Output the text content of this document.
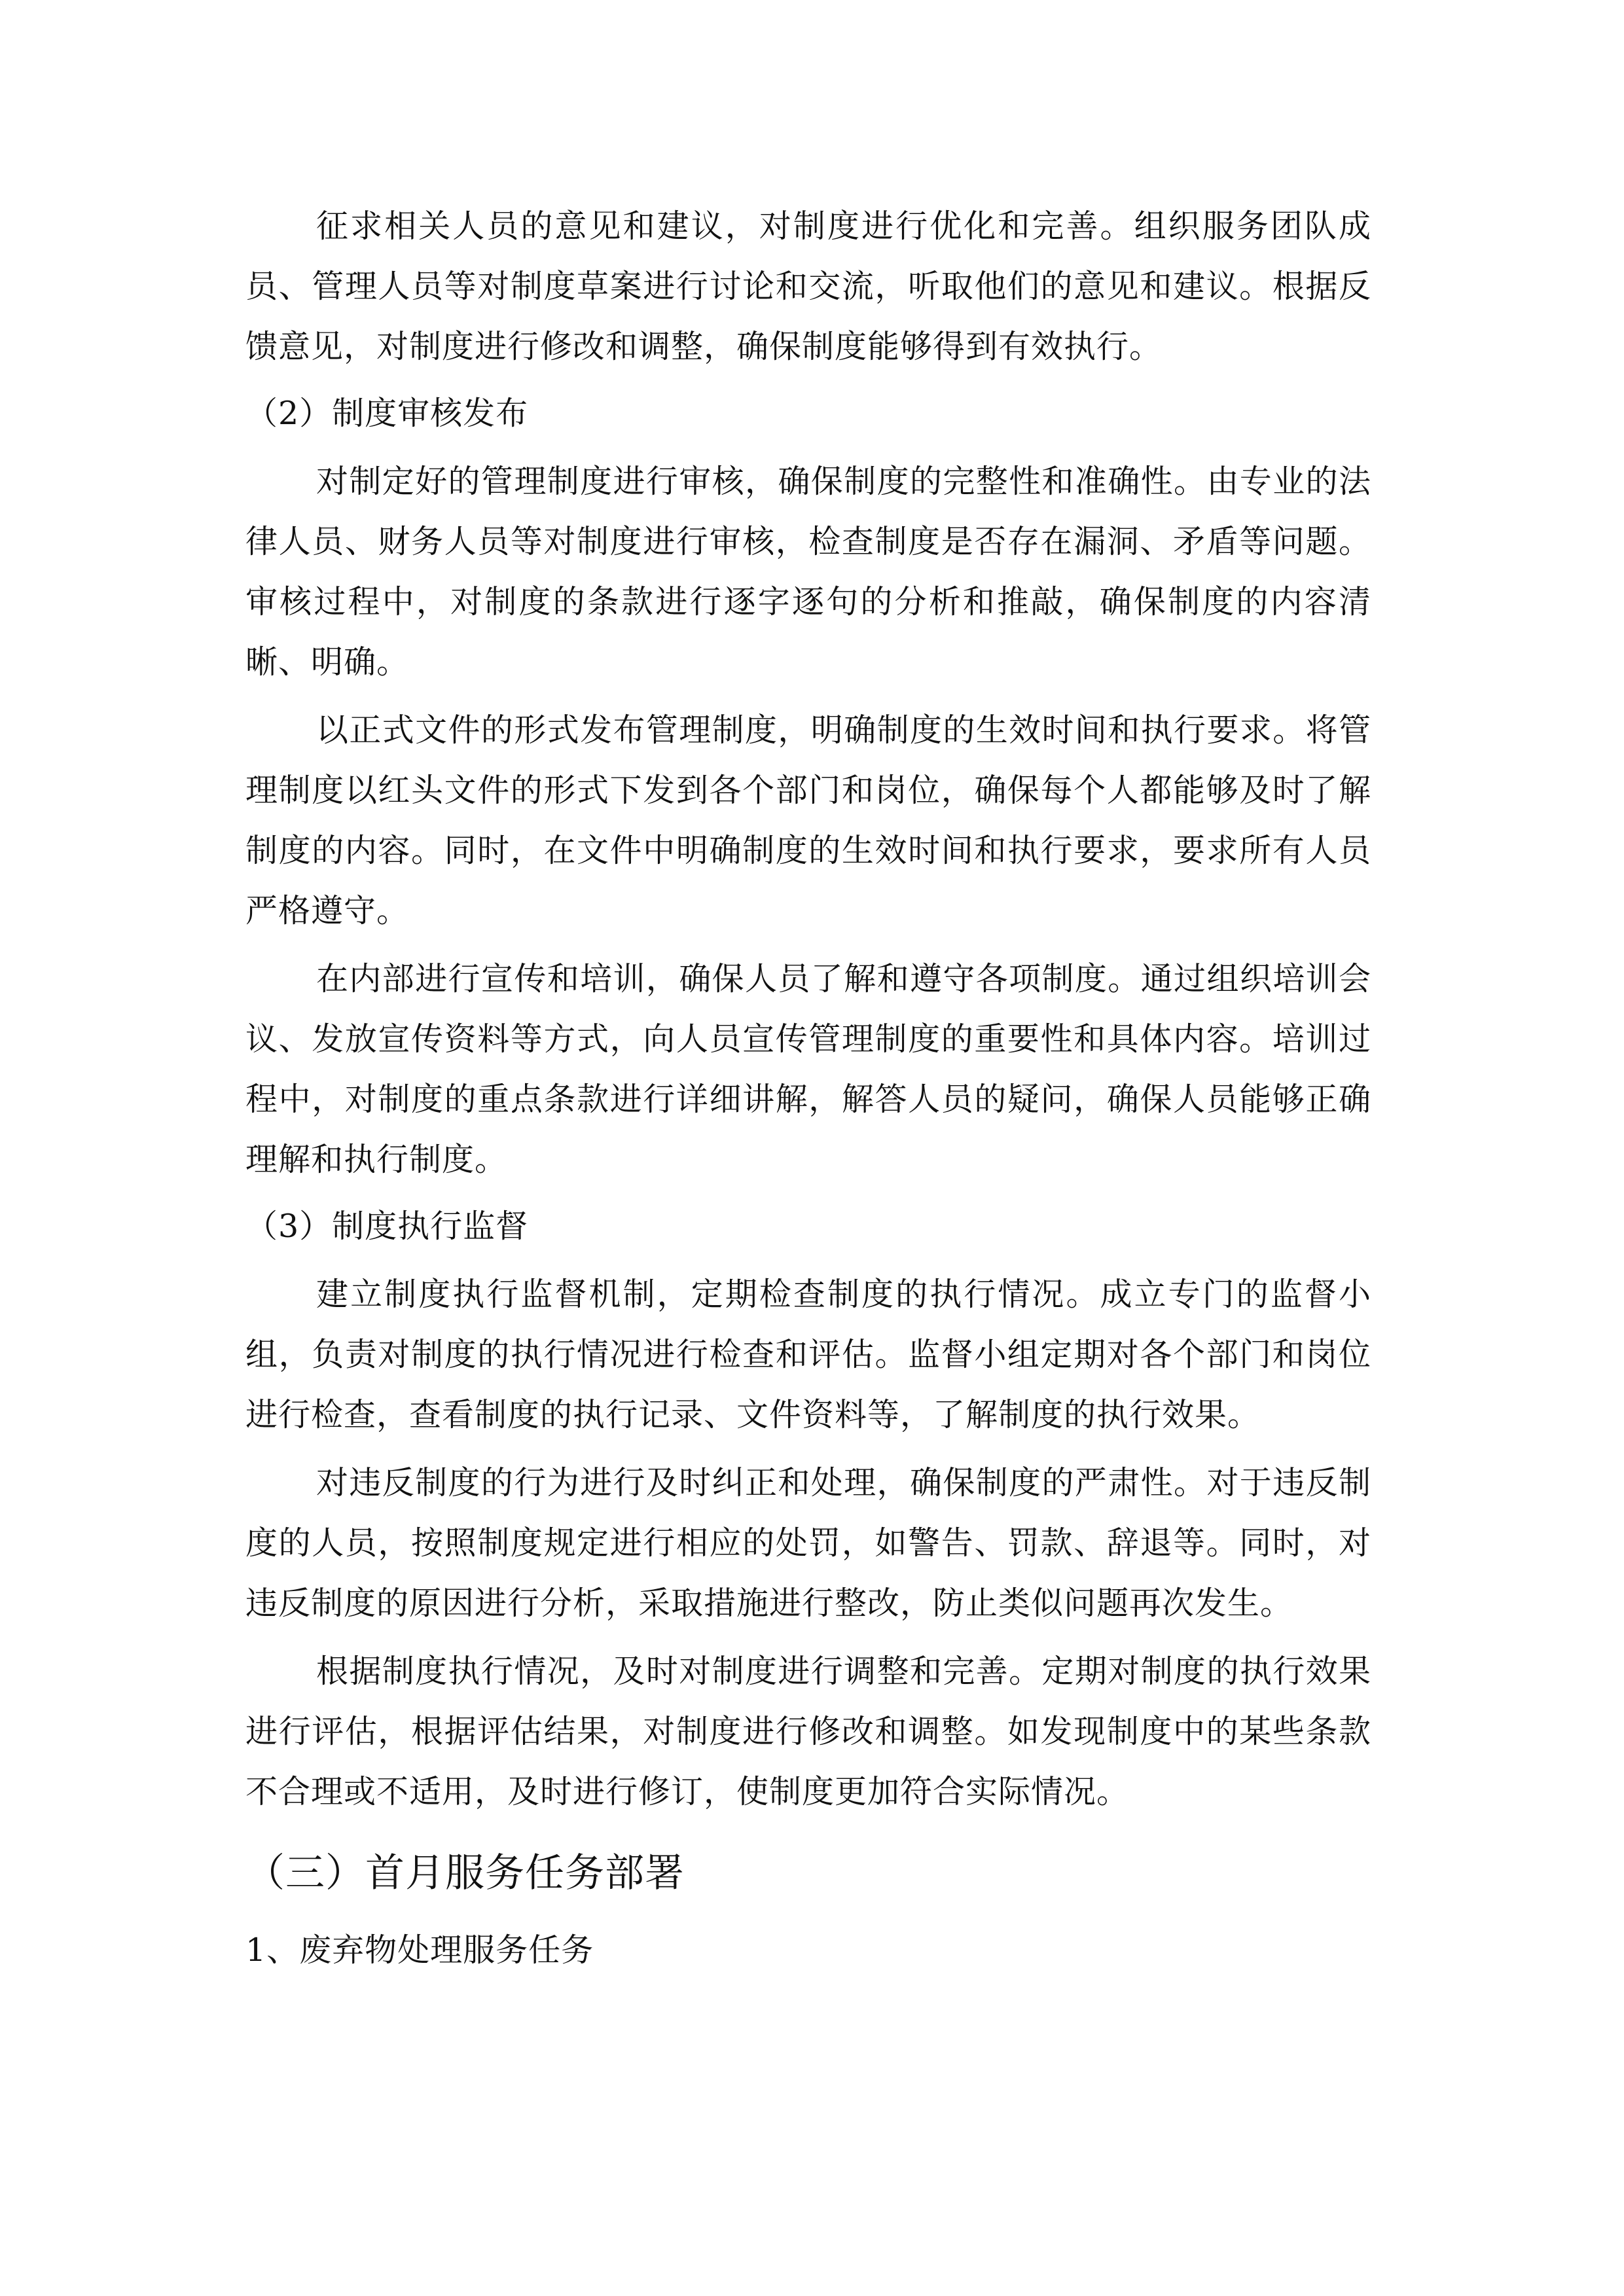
征求相关人员的意见和建议，对制度进行优化和完善。组织服务团队成员、管理人员等对制度草案进行讨论和交流，听取他们的意见和建议。根据反馈意见，对制度进行修改和调整，确保制度能够得到有效执行。

（2）制度审核发布

对制定好的管理制度进行审核，确保制度的完整性和准确性。由专业的法律人员、财务人员等对制度进行审核，检查制度是否存在漏洞、矛盾等问题。审核过程中，对制度的条款进行逐字逐句的分析和推敲，确保制度的内容清晰、明确。

以正式文件的形式发布管理制度，明确制度的生效时间和执行要求。将管理制度以红头文件的形式下发到各个部门和岗位，确保每个人都能够及时了解制度的内容。同时，在文件中明确制度的生效时间和执行要求，要求所有人员严格遵守。

在内部进行宣传和培训，确保人员了解和遵守各项制度。通过组织培训会议、发放宣传资料等方式，向人员宣传管理制度的重要性和具体内容。培训过程中，对制度的重点条款进行详细讲解，解答人员的疑问，确保人员能够正确理解和执行制度。

（3）制度执行监督

建立制度执行监督机制，定期检查制度的执行情况。成立专门的监督小组，负责对制度的执行情况进行检查和评估。监督小组定期对各个部门和岗位进行检查，查看制度的执行记录、文件资料等，了解制度的执行效果。

对违反制度的行为进行及时纠正和处理，确保制度的严肃性。对于违反制度的人员，按照制度规定进行相应的处罚，如警告、罚款、辞退等。同时，对违反制度的原因进行分析，采取措施进行整改，防止类似问题再次发生。

根据制度执行情况，及时对制度进行调整和完善。定期对制度的执行效果进行评估，根据评估结果，对制度进行修改和调整。如发现制度中的某些条款不合理或不适用，及时进行修订，使制度更加符合实际情况。

（三）首月服务任务部署
1、废弃物处理服务任务
